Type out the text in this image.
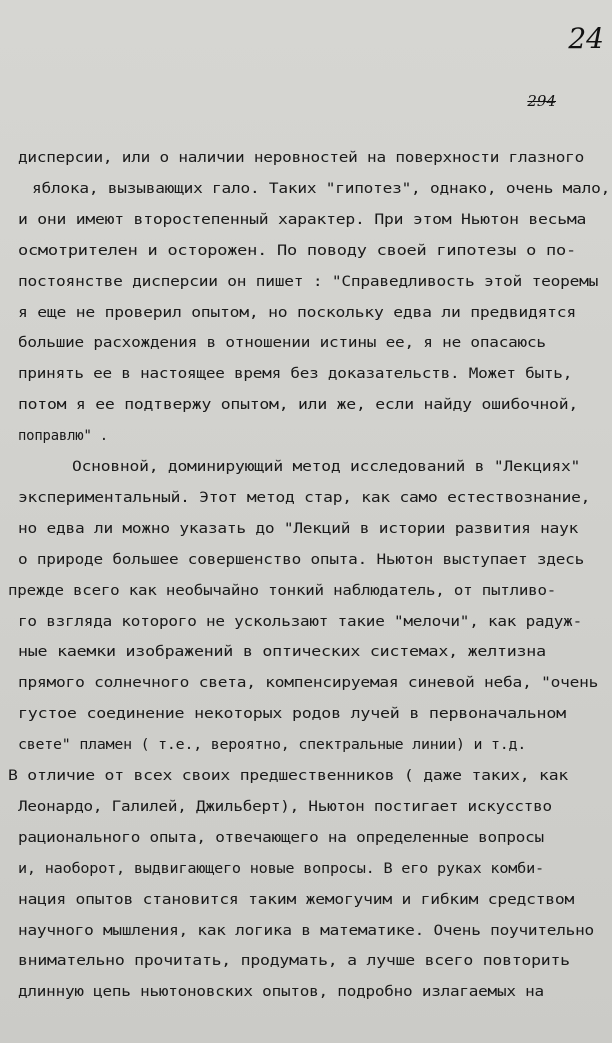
24
294
дисперсии, или о наличии неровностей на поверхности глазного
яблока, вызывающих гало. Таких "гипотез", однако, очень мало,
и они имеют второстепенный характер. При этом Ньютон весьма
осмотрителен и осторожен. По поводу своей гипотезы о по-
постоянстве дисперсии он пишет : "Справедливость этой теоремы
я еще не проверил опытом, но поскольку едва ли предвидятся
большие расхождения в отношении истины ее, я не опасаюсь
принять ее в настоящее время без доказательств. Может быть,
потом я ее подтвержу опытом, или же, если найду ошибочной,
поправлю" .
Основной, доминирующий метод исследований в "Лекциях"
экспериментальный. Этот метод стар, как само естествознание,
но едва ли можно указать до "Лекций в истории развития наук
о природе большее совершенство опыта. Ньютон выступает здесь
прежде всего как необычайно тонкий наблюдатель, от пытливо-
го взгляда которого не ускользают такие "мелочи", как радуж-
ные каемки изображений в оптических системах, желтизна
прямого солнечного света, компенсируемая синевой неба, "очень
густое соединение некоторых родов лучей в первоначальном
свете" пламен ( т.е., вероятно, спектральные линии) и т.д.
В отличие от всех своих предшественников ( даже таких, как
Леонардо, Галилей, Джильберт), Ньютон постигает искусство
рационального опыта, отвечающего на определенные вопросы
и, наоборот, выдвигающего новые вопросы. В его руках комби-
нация опытов становится таким жемогучим и гибким средством
научного мышления, как логика в математике. Очень поучительно
внимательно прочитать, продумать, а лучше всего повторить
длинную цепь ньютоновских опытов, подробно излагаемых на
